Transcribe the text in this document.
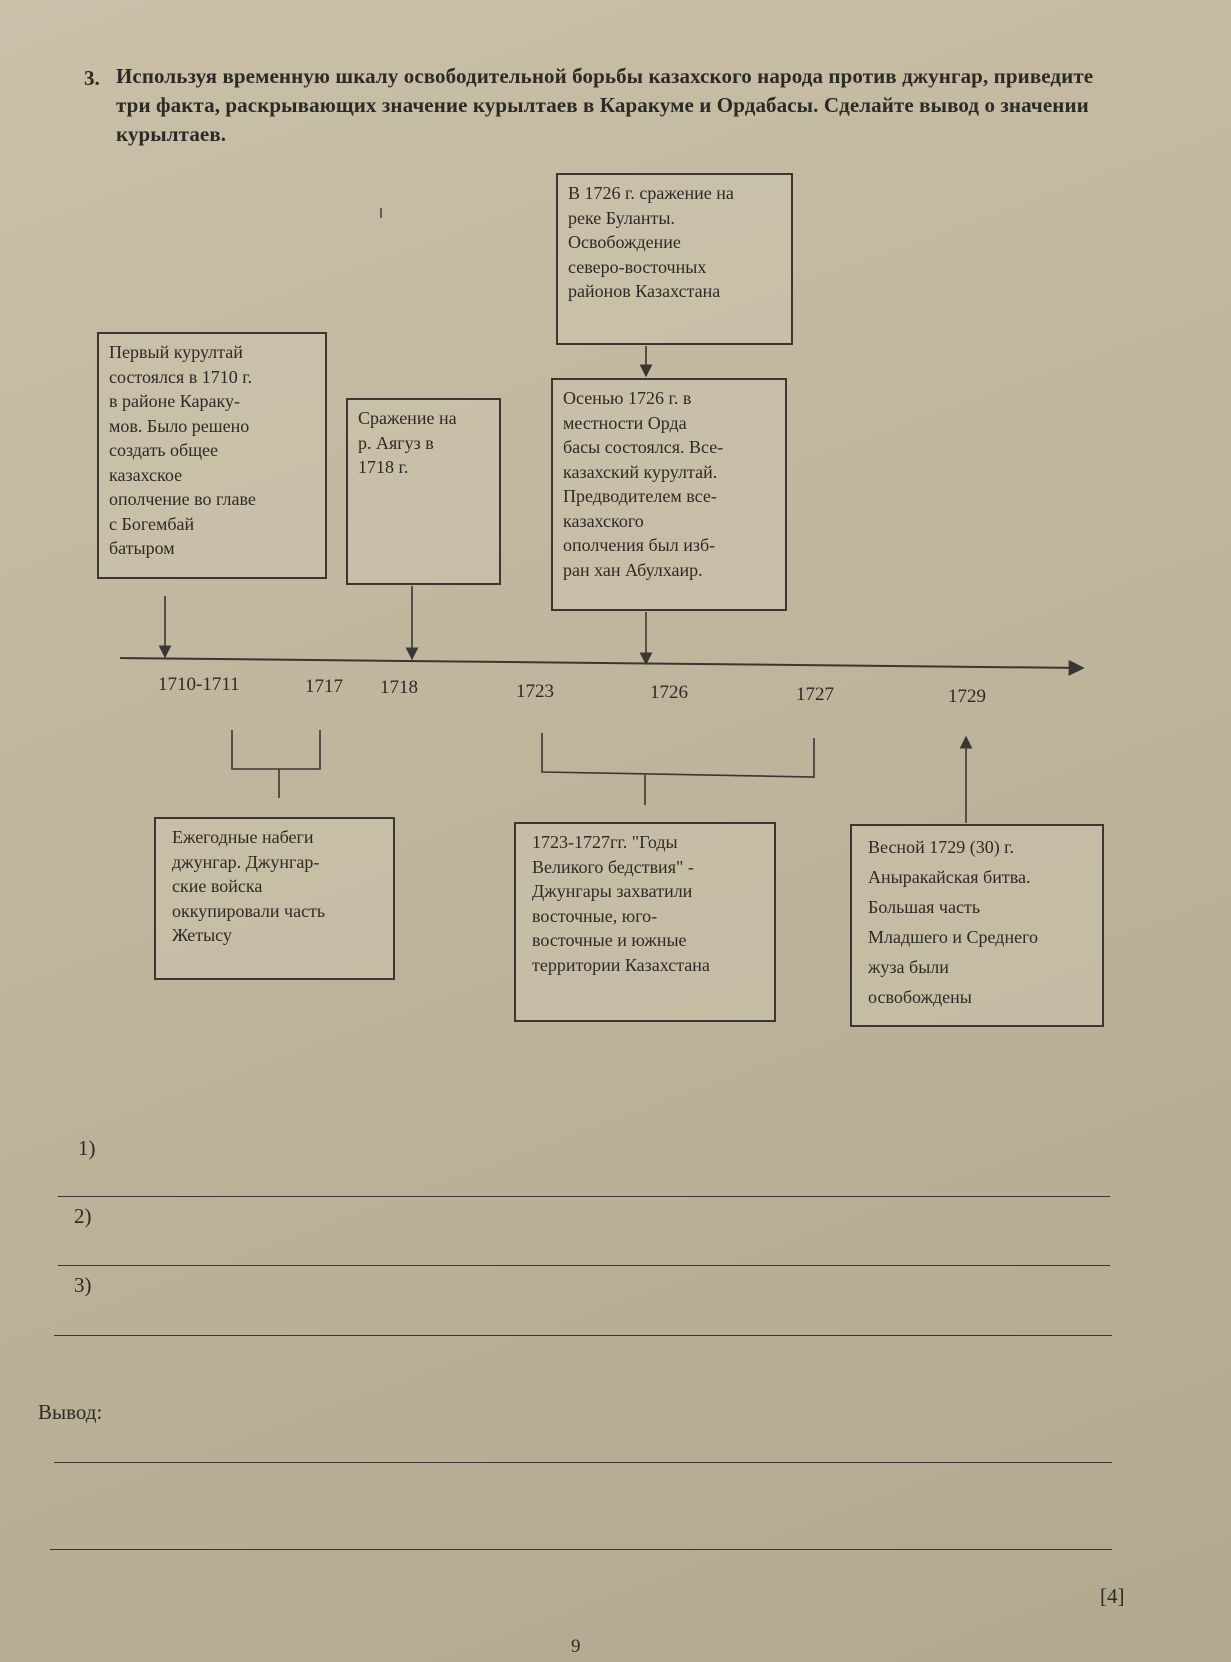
3. Используя временную шкалу освободительной борьбы казахского народа против джунгар, приведите три факта, раскрывающих значение курылтаев в Каракуме и Ордабасы. Сделайте вывод о значении курылтаев.
Первый курултай
состоялся в 1710 г.
в районе Караку-
мов. Было решено
создать общее
казахское
ополчение во главе
с Богембай
батыром
Сражение на
р. Аягуз в
1718 г.
В 1726 г. сражение на
реке Буланты.
Освобождение
северо-восточных
районов Казахстана
Осенью 1726 г. в
местности Орда
басы состоялся. Все-
казахский курултай.
Предводителем все-
казахского
ополчения был изб-
ран хан Абулхаир.
Ежегодные набеги
джунгар. Джунгар-
ские войска
оккупировали часть
Жетысу
1723-1727гг. "Годы
Великого бедствия" -
Джунгары захватили
восточные, юго-
восточные и южные
территории Казахстана
Весной 1729 (30) г.
Аныракайская битва.
Большая часть
Младшего и Среднего
жуза были
освобождены
1710-1711	1717 1718	1723	1726	1727	1729
1)
2)
3)
Вывод:
[4]
9
